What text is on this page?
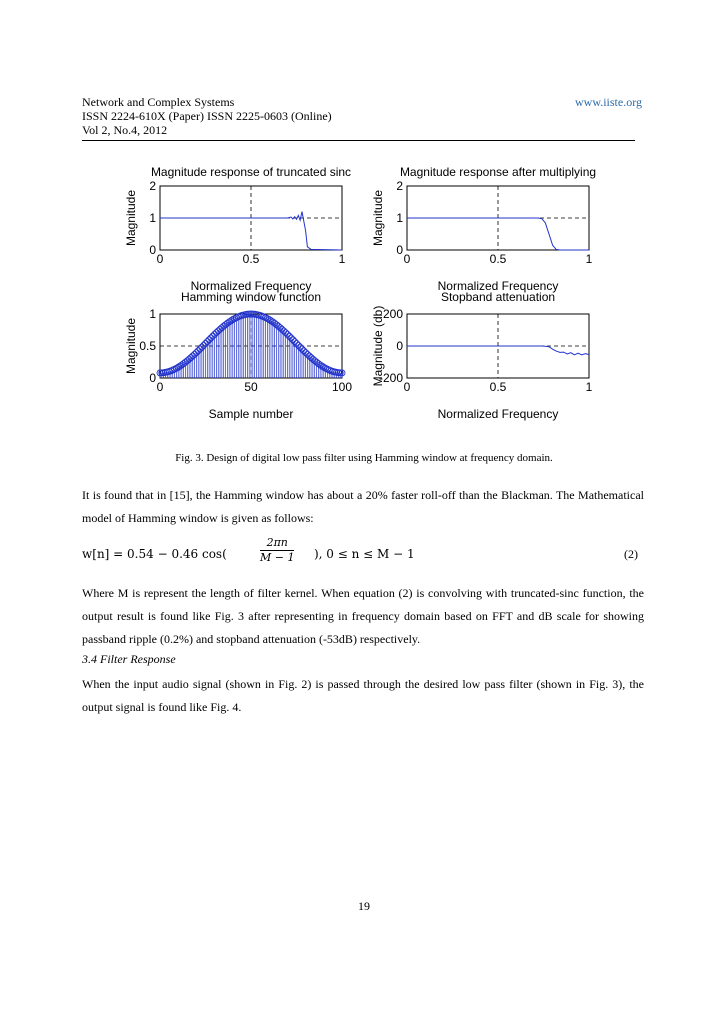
Network and Complex Systems
ISSN 2224-610X (Paper) ISSN 2225-0603 (Online)
Vol 2, No.4, 2012
www.iiste.org
0	0.5	1
0
1
2
Magnitude
0	0.5	1
0
1
2
Magnitude
0	50	100
0
0.5
1
Magnitude
0	0.5	1
-200
0
200
Magnitude (db)
Magnitude response of truncated sinc	Magnitude response after multiplying
Normalized Frequency	Normalized Frequency
Hamming window function	Stopband attenuation
Sample number	Normalized Frequency
Fig. 3. Design of digital low pass filter using Hamming window at frequency domain.
It is found that in [15], the Hamming window has about a 20% faster roll-off than the Blackman. The Mathematical model of Hamming window is given as follows:
w[n] = 0.54 − 0.46 cos(	$\frac{2\pi n}{M - 1}$ ), 0 ≤ n ≤ M − 1	(2)
Where M is represent the length of filter kernel. When equation (2) is convolving with truncated-sinc function, the output result is found like Fig. 3 after representing in frequency domain based on FFT and dB scale for showing passband ripple (0.2%) and stopband attenuation (-53dB) respectively.
3.4 Filter Response
When the input audio signal (shown in Fig. 2) is passed through the desired low pass filter (shown in Fig. 3), the output signal is found like Fig. 4.
19
